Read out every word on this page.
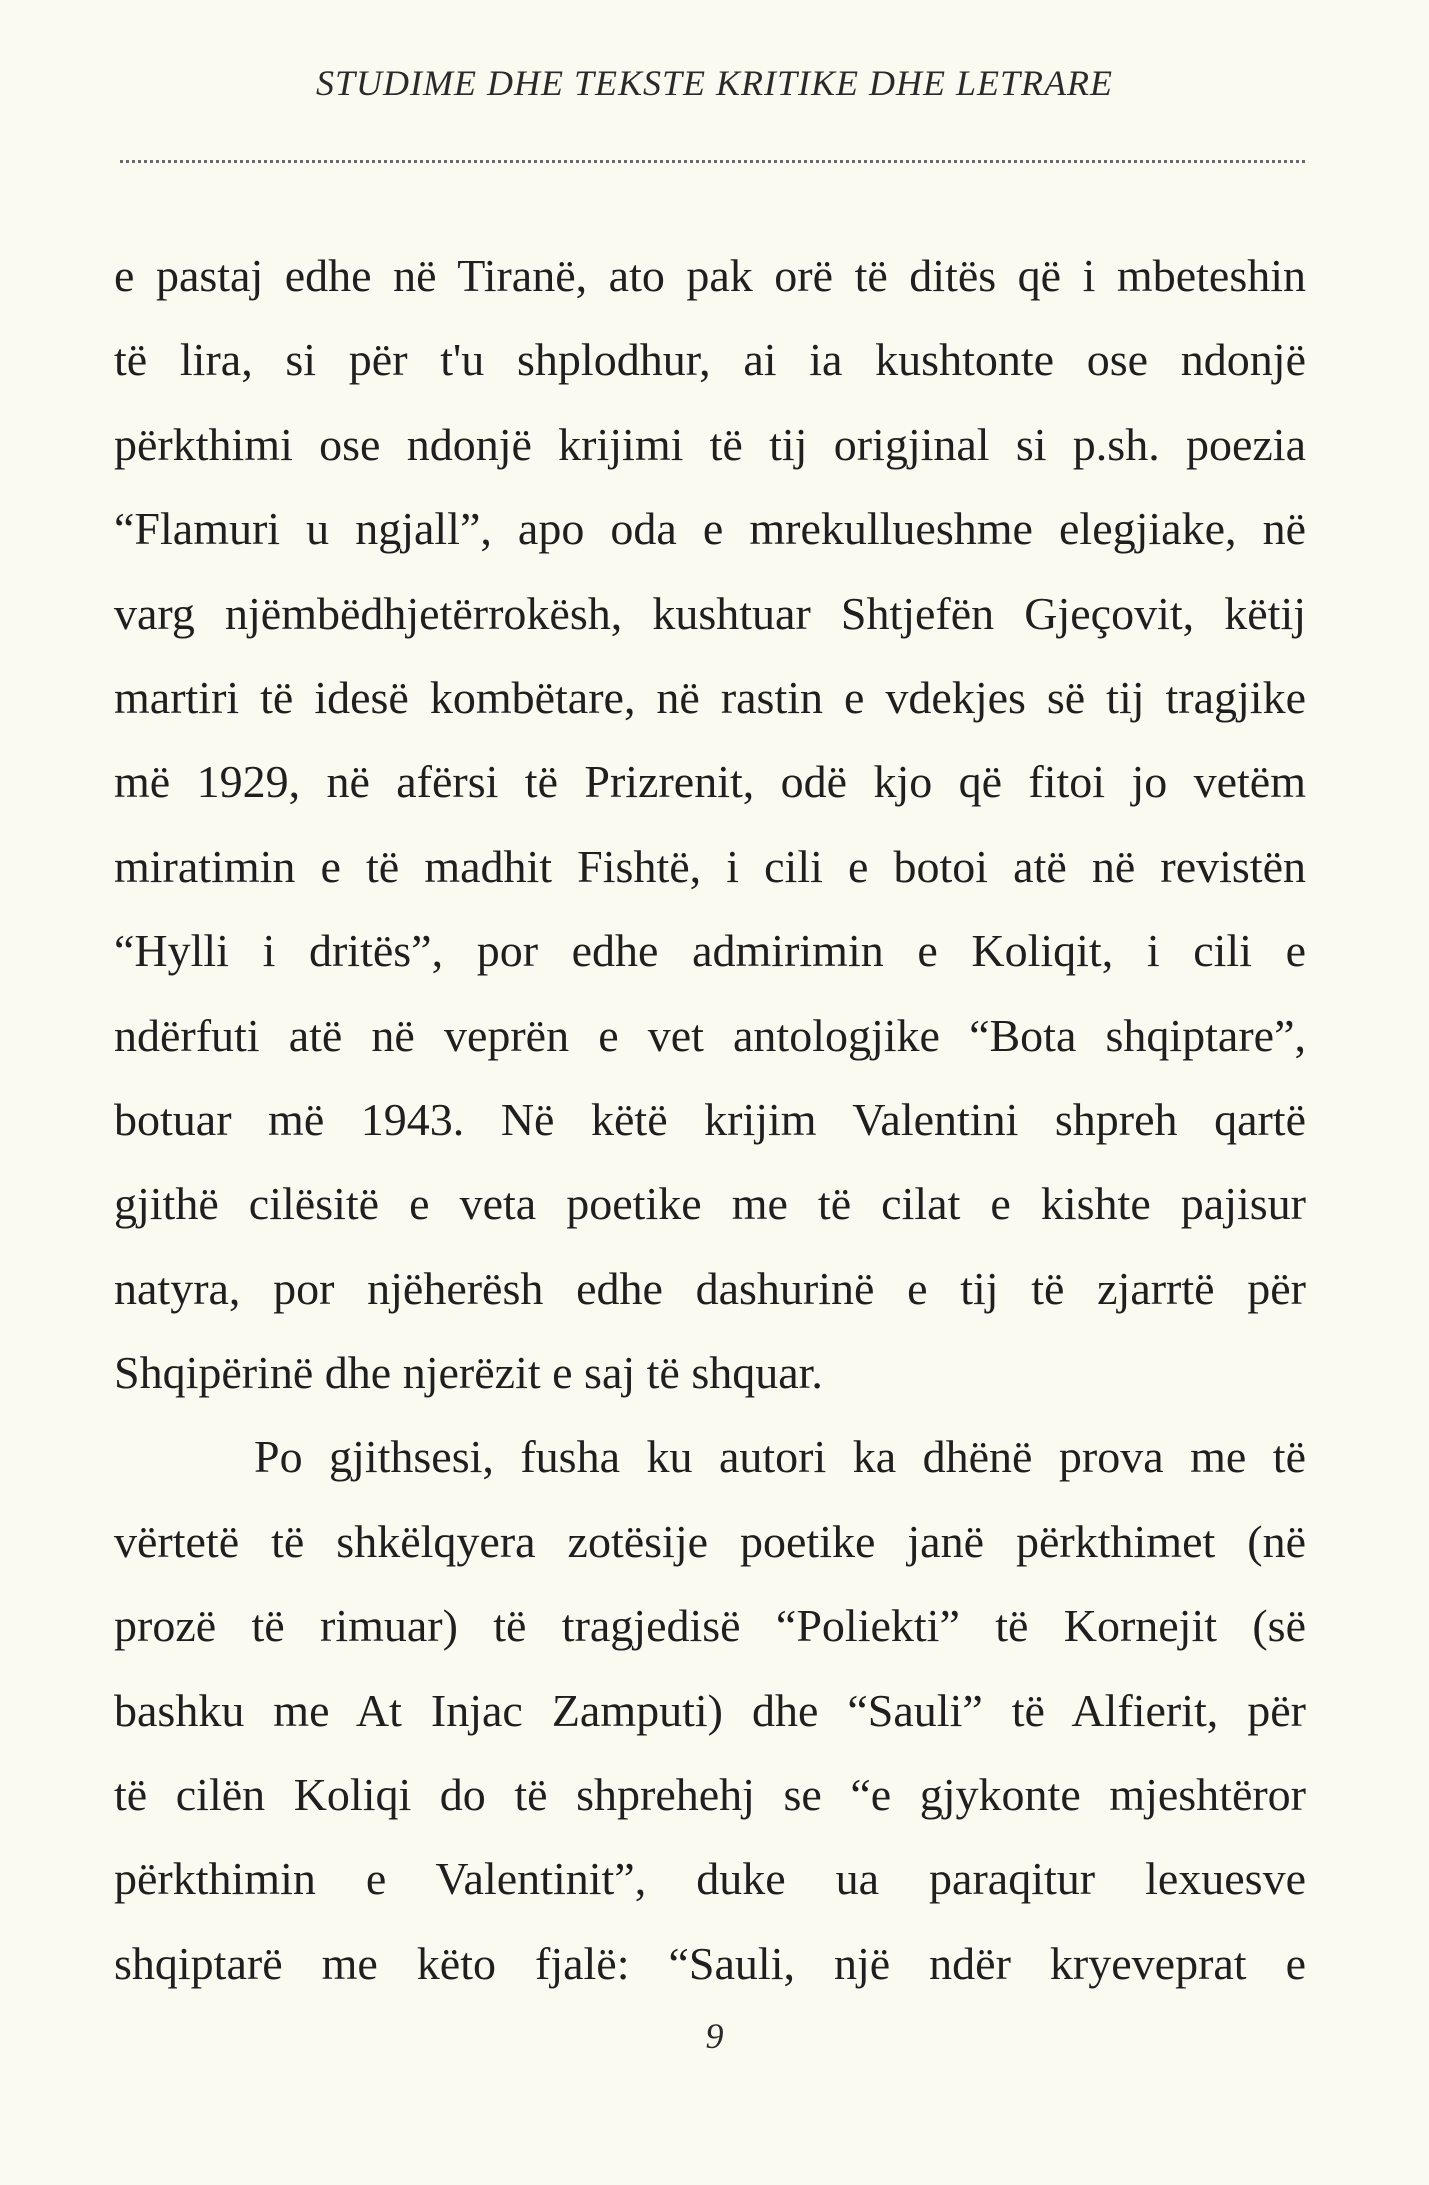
STUDIME DHE TEKSTE KRITIKE DHE LETRARE
e pastaj edhe në Tiranë, ato pak orë të ditës që i mbeteshin
të lira, si për t'u shplodhur, ai ia kushtonte ose ndonjë
përkthimi ose ndonjë krijimi të tij origjinal si p.sh. poezia
“Flamuri u ngjall”, apo oda e mrekullueshme elegjiake, në
varg njëmbëdhjetërrokësh, kushtuar Shtjefën Gjeçovit, këtij
martiri të idesë kombëtare, në rastin e vdekjes së tij tragjike
më 1929, në afërsi të Prizrenit, odë kjo që fitoi jo vetëm
miratimin e të madhit Fishtë, i cili e botoi atë në revistën
“Hylli i dritës”, por edhe admirimin e Koliqit, i cili e
ndërfuti atë në veprën e vet antologjike “Bota shqiptare”,
botuar më 1943. Në këtë krijim Valentini shpreh qartë
gjithë cilësitë e veta poetike me të cilat e kishte pajisur
natyra, por njëherësh edhe dashurinë e tij të zjarrtë për
Shqipërinë dhe njerëzit e saj të shquar.
Po gjithsesi, fusha ku autori ka dhënë prova me të
vërtetë të shkëlqyera zotësije poetike janë përkthimet (në
prozë të rimuar) të tragjedisë “Poliekti” të Kornejit (së
bashku me At Injac Zamputi) dhe “Sauli” të Alfierit, për
të cilën Koliqi do të shprehehj se “e gjykonte mjeshtëror
përkthimin e Valentinit”, duke ua paraqitur lexuesve
shqiptarë me këto fjalë: “Sauli, një ndër kryeveprat e
9
